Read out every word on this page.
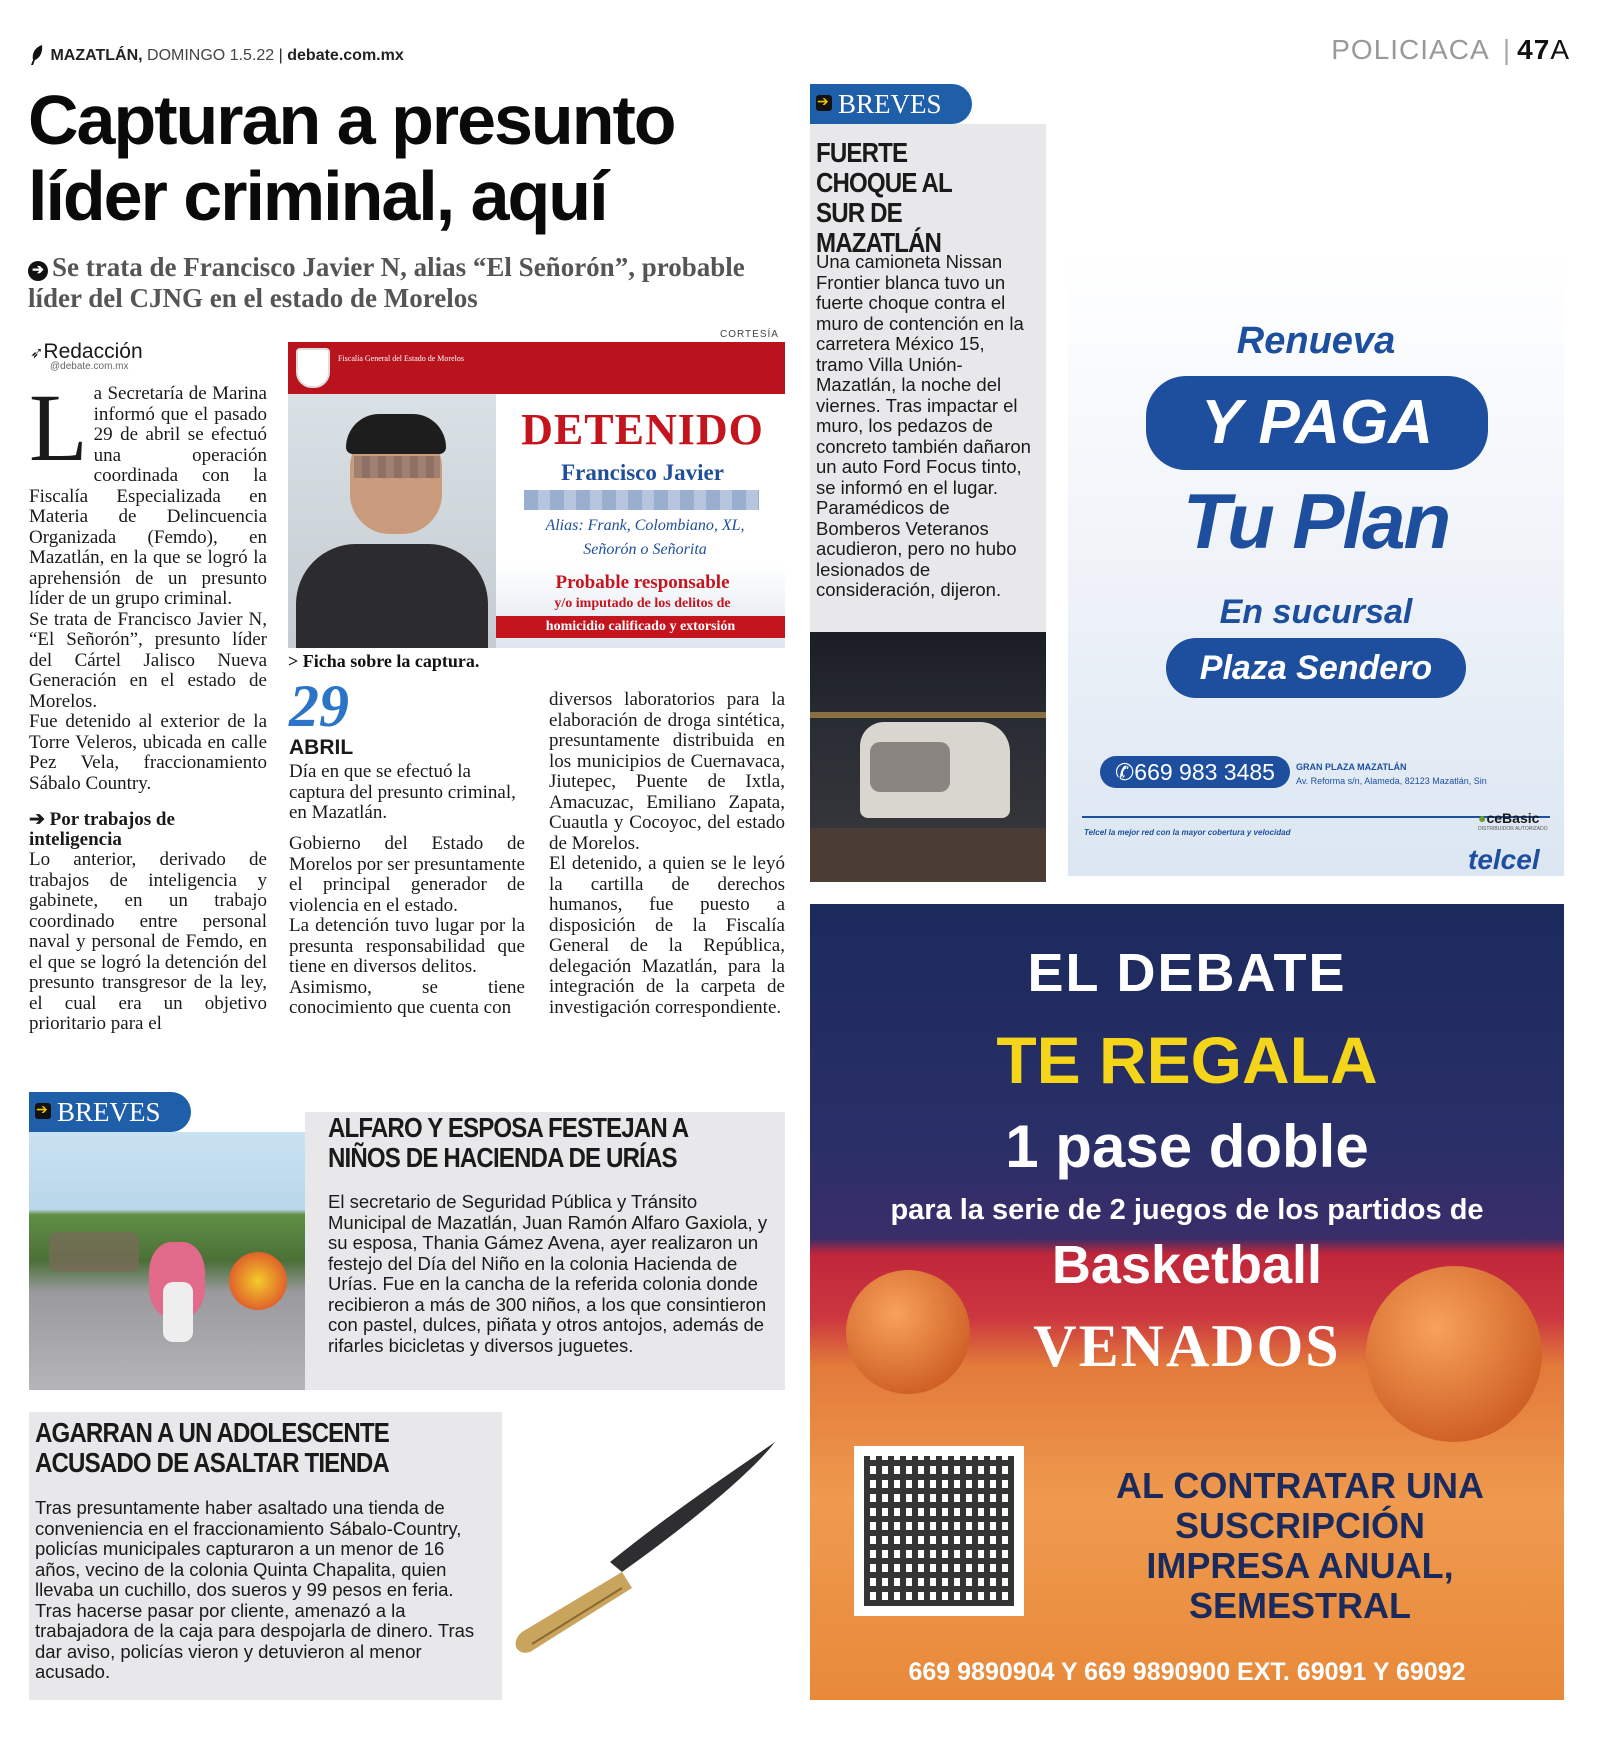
MAZATLÁN, DOMINGO 1.5.22 | debate.com.mx	POLICIACA | 47A
Capturan a presunto
líder criminal, aquí
➔ Se trata de Francisco Javier N, alias “El Señorón”, probable líder del CJNG en el estado de Morelos
➶Redacción
@debate.com.mx
L a Secretaría de Marina informó que el pasado 29 de abril se efectuó una operación coordinada con la Fiscalía Especializada en Materia de Delincuencia Organizada (Femdo), en Mazatlán, en la que se logró la aprehensión de un presunto líder de un grupo criminal.

Se trata de Francisco Javier N, “El Señorón”, presunto líder del Cártel Jalisco Nueva Generación en el estado de Morelos.

Fue detenido al exterior de la Torre Veleros, ubicada en calle Pez Vela, fraccionamiento Sábalo Country.

➔ Por trabajos de inteligencia

Lo anterior, derivado de trabajos de inteligencia y gabinete, en un trabajo coordinado entre personal naval y personal de Femdo, en el que se logró la detención del presunto transgresor de la ley, el cual era un objetivo prioritario para el

CORTESÍA
Fiscalía General del Estado de Morelos
DETENIDO
Francisco Javier
Alias: Frank, Colombiano, XL, Señorón o Señorita
Probable responsable
y/o imputado de los delitos de
homicidio calificado y extorsión
> Ficha sobre la captura.
29
ABRIL
Día en que se efectuó la captura del presunto criminal, en Mazatlán.

Gobierno del Estado de Morelos por ser presuntamente el principal generador de violencia en el estado.

La detención tuvo lugar por la presunta responsabilidad que tiene en diversos delitos.

Asimismo, se tiene conocimiento que cuenta con

diversos laboratorios para la elaboración de droga sintética, presuntamente distribuida en los municipios de Cuernavaca, Jiutepec, Puente de Ixtla, Amacuzac, Emiliano Zapata, Cuautla y Cocoyoc, del estado de Morelos.

El detenido, a quien se le leyó la cartilla de derechos humanos, fue puesto a disposición de la Fiscalía General de la República, delegación Mazatlán, para la integración de la carpeta de investigación correspondiente.

➔
BREVES
FUERTE CHOQUE AL SUR DE MAZATLÁN
Una camioneta Nissan Frontier blanca tuvo un fuerte choque contra el muro de contención en la carretera México 15, tramo Villa Unión-Mazatlán, la noche del viernes. Tras impactar el muro, los pedazos de concreto también dañaron un auto Ford Focus tinto, se informó en el lugar. Paramédicos de Bomberos Veteranos acudieron, pero no hubo lesionados de consideración, dijeron.
Renueva
Y PAGA
Tu Plan
En sucursal
Plaza Sendero
✆669 983 3485	GRAN PLAZA MAZATLÁN
Av. Reforma s/n, Alameda, 82123 Mazatlán, Sin
Telcel la mejor red con la mayor cobertura y velocidad
●ceBasic
DISTRIBUIDOR AUTORIZADO
telcel
➔
BREVES	ALFARO Y ESPOSA FESTEJAN A NIÑOS DE HACIENDA DE URÍAS
El secretario de Seguridad Pública y Tránsito Municipal de Mazatlán, Juan Ramón Alfaro Gaxiola, y su esposa, Thania Gámez Avena, ayer realizaron un festejo del Día del Niño en la colonia Hacienda de Urías. Fue en la cancha de la referida colonia donde recibieron a más de 300 niños, a los que consintieron con pastel, dulces, piñata y otros antojos, además de rifarles bicicletas y diversos juguetes.
AGARRAN A UN ADOLESCENTE ACUSADO DE ASALTAR TIENDA
Tras presuntamente haber asaltado una tienda de conveniencia en el fraccionamiento Sábalo-Country, policías municipales capturaron a un menor de 16 años, vecino de la colonia Quinta Chapalita, quien llevaba un cuchillo, dos sueros y 99 pesos en feria. Tras hacerse pasar por cliente, amenazó a la trabajadora de la caja para despojarla de dinero. Tras dar aviso, policías vieron y detuvieron al menor acusado.
EL DEBATE
TE REGALA
1 pase doble
para la serie de 2 juegos de los partidos de
Basketball
VENADOS
AL CONTRATAR UNA
SUSCRIPCIÓN
IMPRESA ANUAL,
SEMESTRAL
669 9890904 Y 669 9890900 EXT. 69091 Y 69092
